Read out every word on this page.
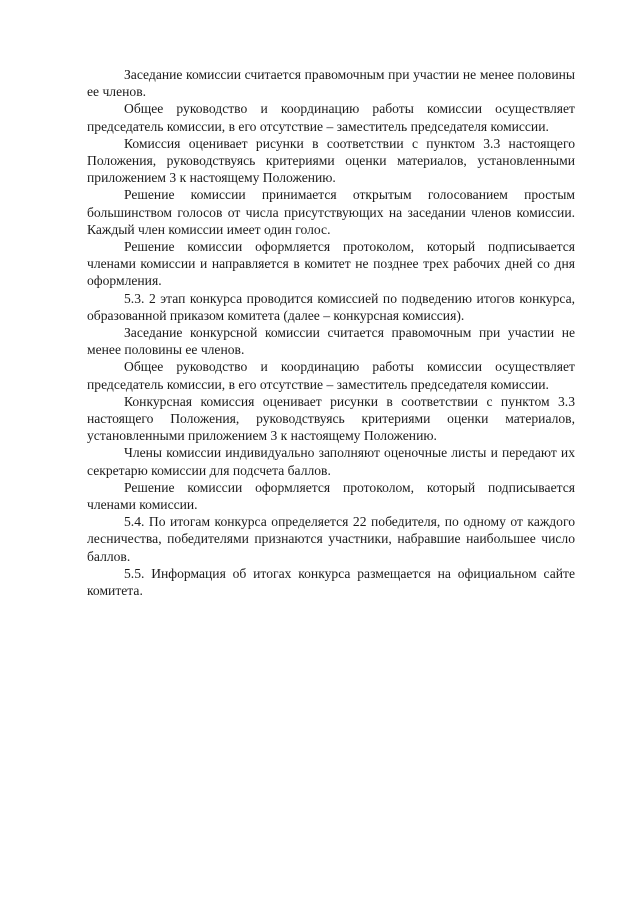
Заседание комиссии считается правомочным при участии не менее половины ее членов.

Общее руководство и координацию работы комиссии осуществляет председатель комиссии, в его отсутствие – заместитель председателя комиссии.

Комиссия оценивает рисунки в соответствии с пунктом 3.3 настоящего Положения, руководствуясь критериями оценки материалов, установленными приложением 3 к настоящему Положению.

Решение комиссии принимается открытым голосованием простым большинством голосов от числа присутствующих на заседании членов комиссии. Каждый член комиссии имеет один голос.

Решение комиссии оформляется протоколом, который подписывается членами комиссии и направляется в комитет не позднее трех рабочих дней со дня оформления.

5.3. 2 этап конкурса проводится комиссией по подведению итогов конкурса, образованной приказом комитета (далее – конкурсная комиссия).

Заседание конкурсной комиссии считается правомочным при участии не менее половины ее членов.

Общее руководство и координацию работы комиссии осуществляет председатель комиссии, в его отсутствие – заместитель председателя комиссии.

Конкурсная комиссия оценивает рисунки в соответствии с пунктом 3.3 настоящего Положения, руководствуясь критериями оценки материалов, установленными приложением 3 к настоящему Положению.

Члены комиссии индивидуально заполняют оценочные листы и передают их секретарю комиссии для подсчета баллов.

Решение комиссии оформляется протоколом, который подписывается членами комиссии.

5.4. По итогам конкурса определяется 22 победителя, по одному от каждого лесничества, победителями признаются участники, набравшие наибольшее число баллов.

5.5. Информация об итогах конкурса размещается на официальном сайте комитета.
